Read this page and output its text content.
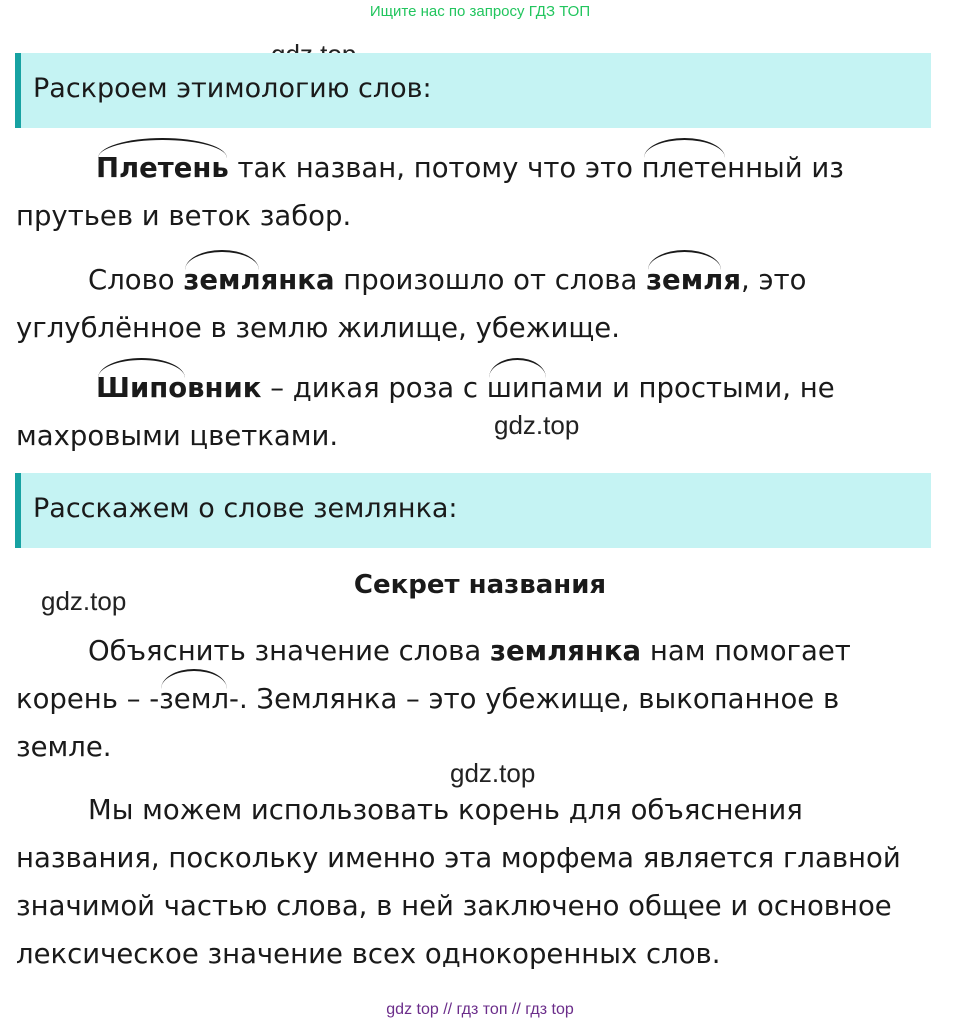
Ищите нас по запросу ГДЗ ТОП
Раскроем этимологию слов:

Плетень так назван, потому что это плетенный из
прутьев и веток забор.

Слово землянка произошло от слова земля, это
углублённое в землю жилище, убежище.

Шиповник – дикая роза с шипами и простыми, не
махровыми цветками.	gdz.top
Расскажем о слове землянка:
Секрет названия
gdz.top

Объяснить значение слова землянка нам помогает
корень – -земл-. Землянка – это убежище, выкопанное в
земле.

gdz.top

Мы можем использовать корень для объяснения
названия, поскольку именно эта морфема является главной
значимой частью слова, в ней заключено общее и основное
лексическое значение всех однокоренных слов.

gdz top // гдз топ // гдз top
